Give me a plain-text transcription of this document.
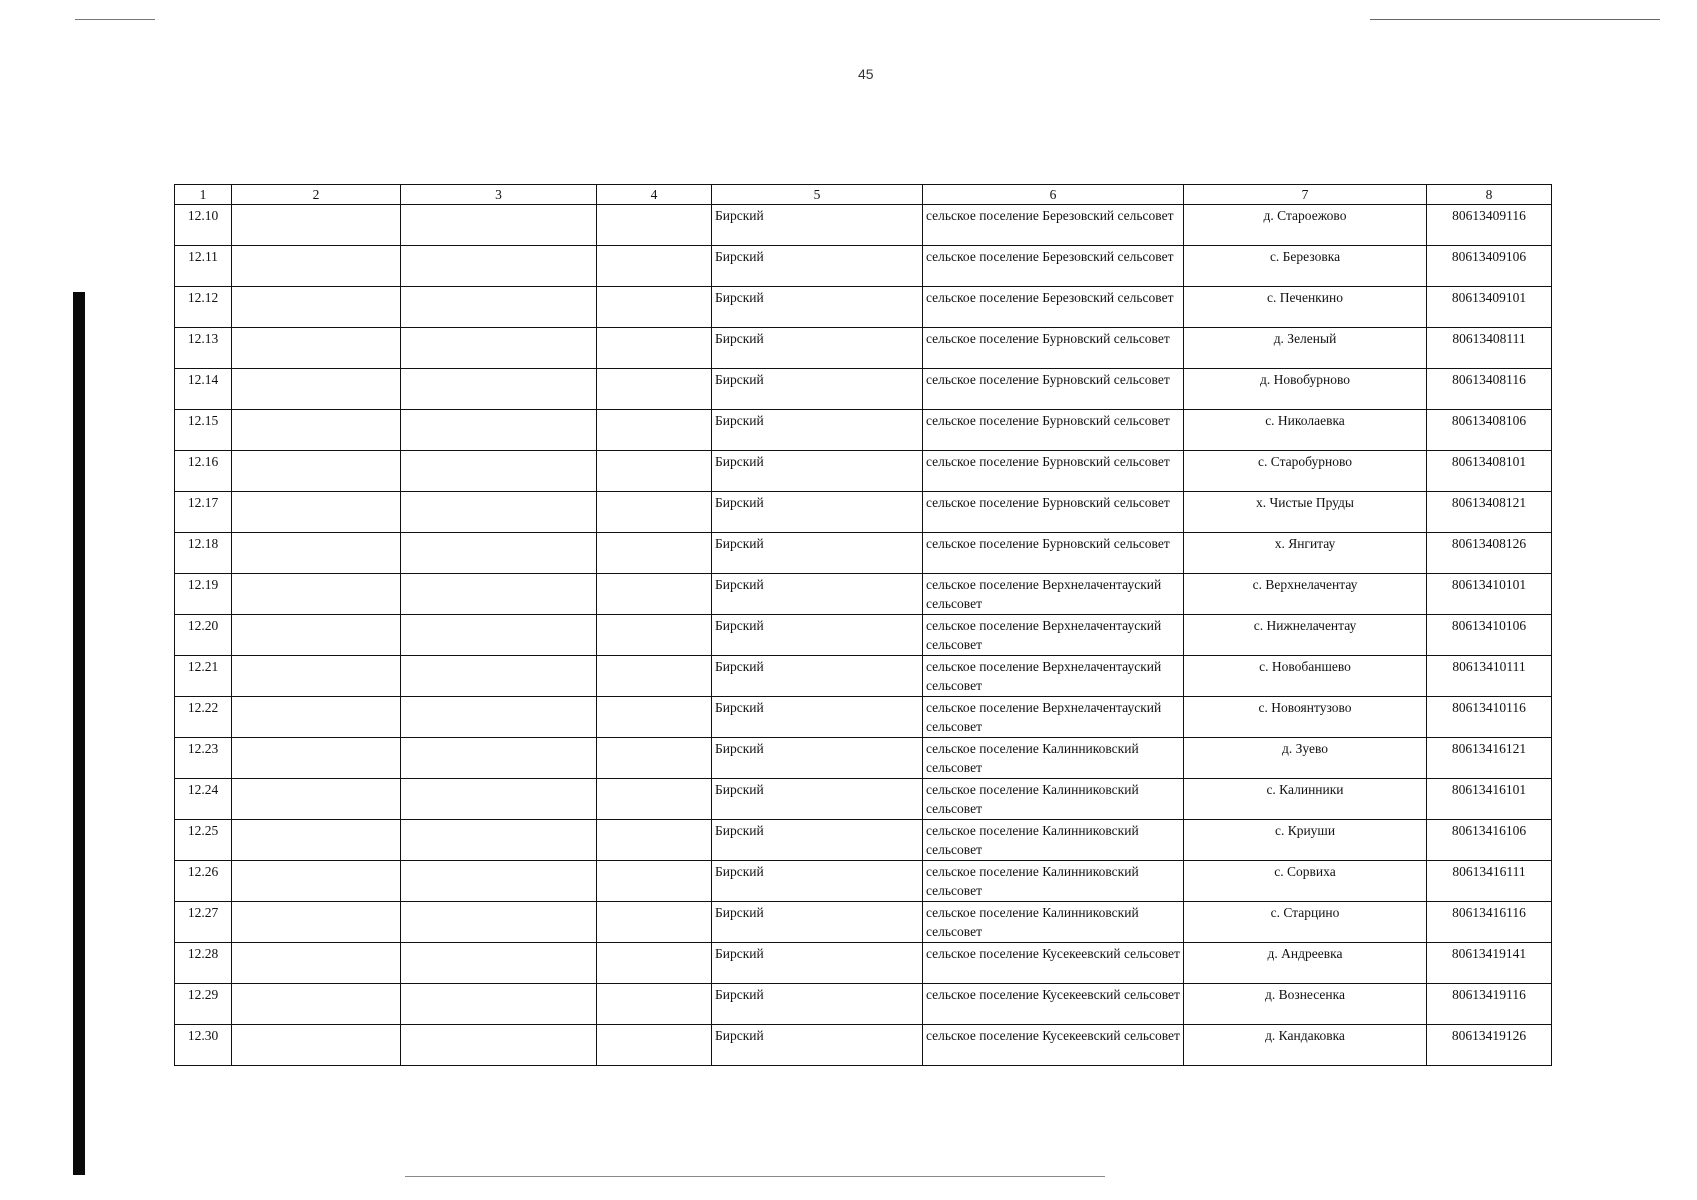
45
1	2	3	4	5	6	7	8
12.10				Бирский	сельское поселение Березовский сельсовет	д. Староежово	80613409116
12.11				Бирский	сельское поселение Березовский сельсовет	с. Березовка	80613409106
12.12				Бирский	сельское поселение Березовский сельсовет	с. Печенкино	80613409101
12.13				Бирский	сельское поселение Бурновский сельсовет	д. Зеленый	80613408111
12.14				Бирский	сельское поселение Бурновский сельсовет	д. Новобурново	80613408116
12.15				Бирский	сельское поселение Бурновский сельсовет	с. Николаевка	80613408106
12.16				Бирский	сельское поселение Бурновский сельсовет	с. Старобурново	80613408101
12.17				Бирский	сельское поселение Бурновский сельсовет	х. Чистые Пруды	80613408121
12.18				Бирский	сельское поселение Бурновский сельсовет	х. Янгитау	80613408126
12.19				Бирский	сельское поселение Верхнелачентауский сельсовет	с. Верхнелачентау	80613410101
12.20				Бирский	сельское поселение Верхнелачентауский сельсовет	с. Нижнелачентау	80613410106
12.21				Бирский	сельское поселение Верхнелачентауский сельсовет	с. Новобаншево	80613410111
12.22				Бирский	сельское поселение Верхнелачентауский сельсовет	с. Новоянтузово	80613410116
12.23				Бирский	сельское поселение Калинниковский сельсовет	д. Зуево	80613416121
12.24				Бирский	сельское поселение Калинниковский сельсовет	с. Калинники	80613416101
12.25				Бирский	сельское поселение Калинниковский сельсовет	с. Криуши	80613416106
12.26				Бирский	сельское поселение Калинниковский сельсовет	с. Сорвиха	80613416111
12.27				Бирский	сельское поселение Калинниковский сельсовет	с. Старцино	80613416116
12.28				Бирский	сельское поселение Кусекеевский сельсовет	д. Андреевка	80613419141
12.29				Бирский	сельское поселение Кусекеевский сельсовет	д. Вознесенка	80613419116
12.30				Бирский	сельское поселение Кусекеевский сельсовет	д. Кандаковка	80613419126
